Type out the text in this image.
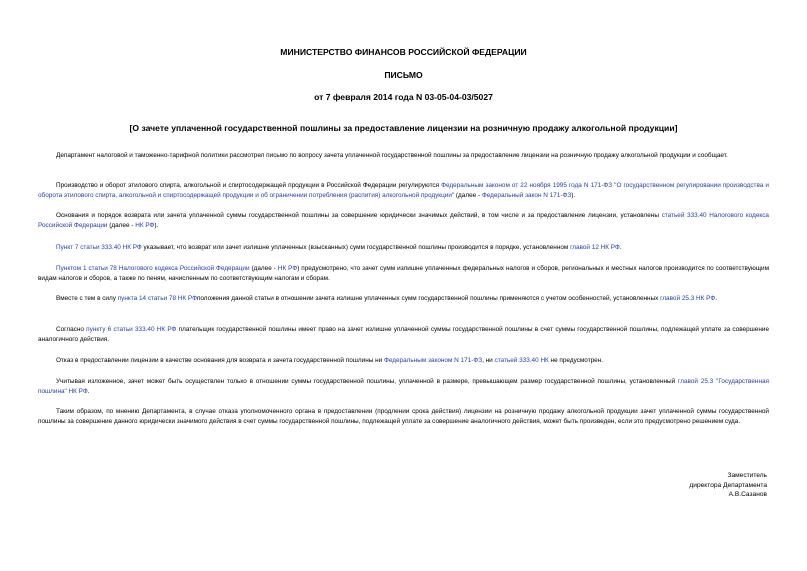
МИНИСТЕРСТВО ФИНАНСОВ РОССИЙСКОЙ ФЕДЕРАЦИИ
ПИСЬМО
от 7 февраля 2014 года N 03-05-04-03/5027
[О зачете уплаченной государственной пошлины за предоставление лицензии на розничную продажу алкогольной продукции]

Департамент налоговой и таможенно-тарифной политики рассмотрел письмо по вопросу зачета уплаченной государственной пошлины за предоставление лицензии на розничную продажу алкогольной продукции и сообщает.

Производство и оборот этилового спирта, алкогольной и спиртосодержащей продукции в Российской Федерации регулируются Федеральным законом от 22 ноября 1995 года N 171-ФЗ "О государственном регулировании производства и оборота этилового спирта, алкогольной и спиртосодержащей продукции и об ограничении потребления (распития) алкогольной продукции" (далее - Федеральный закон N 171-ФЗ).

Основания и порядок возврата или зачета уплаченной суммы государственной пошлины за совершение юридически значимых действий, в том числе и за предоставление лицензии, установлены статьей 333.40 Налогового кодекса Российской Федерации (далее - НК РФ).

Пункт 7 статьи 333.40 НК РФ указывает, что возврат или зачет излишне уплаченных (взысканных) сумм государственной пошлины производится в порядке, установленном главой 12 НК РФ.

Пунктом 1 статьи 78 Налогового кодекса Российской Федерации (далее - НК РФ) предусмотрено, что зачет сумм излишне уплаченных федеральных налогов и сборов, региональных и местных налогов производится по соответствующим видам налогов и сборов, а также по пеням, начисленным по соответствующим налогам и сборам.

Вместе с тем в силу пункта 14 статьи 78 НК РФположения данной статьи в отношении зачета излишне уплаченных сумм государственной пошлины применяются с учетом особенностей, установленных главой 25.3 НК РФ.

Согласно пункту 6 статьи 333.40 НК РФ плательщик государственной пошлины имеет право на зачет излишне уплаченной суммы государственной пошлины в счет суммы государственной пошлины, подлежащей уплате за совершение аналогичного действия.

Отказ в предоставлении лицензии в качестве основания для возврата и зачета государственной пошлины ни Федеральным законом N 171-ФЗ, ни статьей 333.40 НК не предусмотрен.

Учитывая изложенное, зачет может быть осуществлен только в отношении суммы государственной пошлины, уплаченной в размере, превышающем размер государственной пошлины, установленный главой 25.3 "Государственная пошлина" НК РФ.

Таким образом, по мнению Департамента, в случае отказа уполномоченного органа в предоставлении (продлении срока действия) лицензии на розничную продажу алкогольной продукции зачет уплаченной суммы государственной пошлины за совершение данного юридически значимого действия в счет суммы государственной пошлины, подлежащей уплате за совершение аналогичного действия, может быть произведен, если это предусмотрено решением суда.

Заместитель
директора Департамента
А.В.Сазанов
